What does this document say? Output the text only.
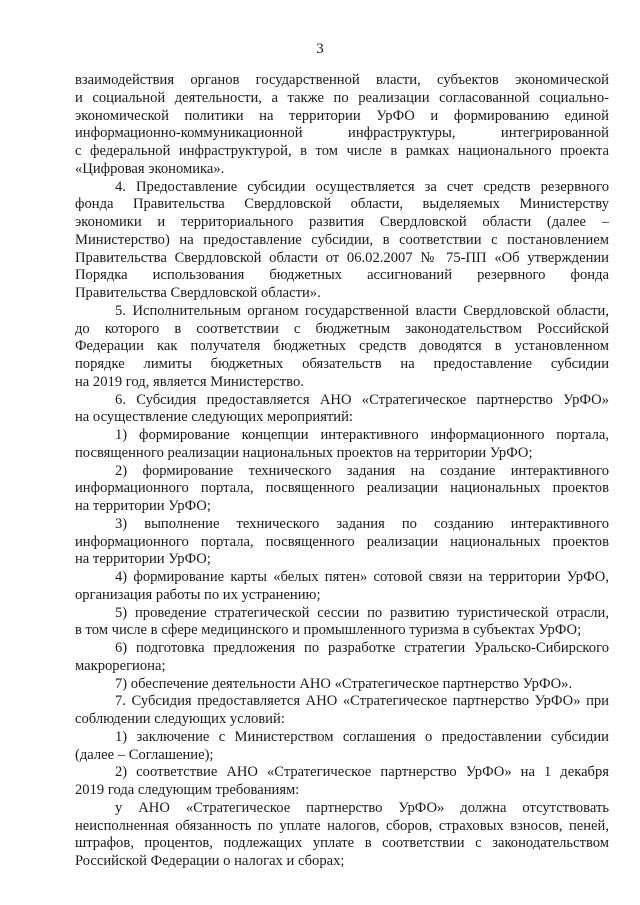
3
взаимодействия органов государственной власти, субъектов экономической
и социальной деятельности, а также по реализации согласованной социально-
экономической политики на территории УрФО и формированию единой
информационно-коммуникационной инфраструктуры, интегрированной
с федеральной инфраструктурой, в том числе в рамках национального проекта
«Цифровая экономика».
4. Предоставление субсидии осуществляется за счет средств резервного
фонда Правительства Свердловской области, выделяемых Министерству
экономики и территориального развития Свердловской области (далее –
Министерство) на предоставление субсидии, в соответствии с постановлением
Правительства Свердловской области от 06.02.2007 № 75-ПП «Об утверждении
Порядка использования бюджетных ассигнований резервного фонда
Правительства Свердловской области».
5. Исполнительным органом государственной власти Свердловской области,
до которого в соответствии с бюджетным законодательством Российской
Федерации как получателя бюджетных средств доводятся в установленном
порядке лимиты бюджетных обязательств на предоставление субсидии
на 2019 год, является Министерство.
6. Субсидия предоставляется АНО «Стратегическое партнерство УрФО»
на осуществление следующих мероприятий:
1) формирование концепции интерактивного информационного портала,
посвященного реализации национальных проектов на территории УрФО;
2) формирование технического задания на создание интерактивного
информационного портала, посвященного реализации национальных проектов
на территории УрФО;
3) выполнение технического задания по созданию интерактивного
информационного портала, посвященного реализации национальных проектов
на территории УрФО;
4) формирование карты «белых пятен» сотовой связи на территории УрФО,
организация работы по их устранению;
5) проведение стратегической сессии по развитию туристической отрасли,
в том числе в сфере медицинского и промышленного туризма в субъектах УрФО;
6) подготовка предложения по разработке стратегии Уральско-Сибирского
макрорегиона;
7) обеспечение деятельности АНО «Стратегическое партнерство УрФО».
7. Субсидия предоставляется АНО «Стратегическое партнерство УрФО» при
соблюдении следующих условий:
1) заключение с Министерством соглашения о предоставлении субсидии
(далее – Соглашение);
2) соответствие АНО «Стратегическое партнерство УрФО» на 1 декабря
2019 года следующим требованиям:
у АНО «Стратегическое партнерство УрФО» должна отсутствовать
неисполненная обязанность по уплате налогов, сборов, страховых взносов, пеней,
штрафов, процентов, подлежащих уплате в соответствии с законодательством
Российской Федерации о налогах и сборах;
